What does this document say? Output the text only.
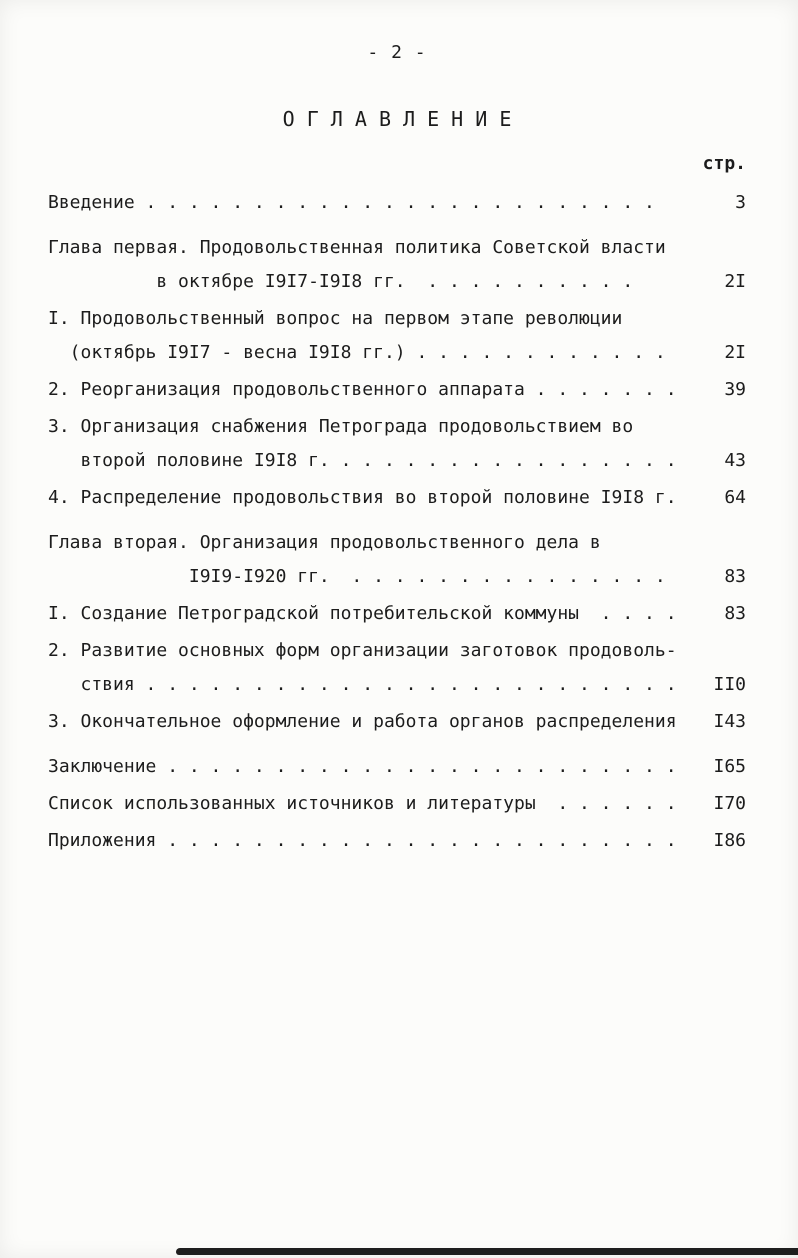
- 2 -
О Г Л А В Л Е Н И Е
стр.
Введение . . . . . . . . . . . . . . . . . . . . . . . .	3
Глава первая. Продовольственная политика Советской власти
в октябре I9I7-I9I8 гг.  . . . . . . . . . .	2I
I. Продовольственный вопрос на первом этапе революции
(октябрь I9I7 - весна I9I8 гг.) . . . . . . . . . . . .	2I
2. Реорганизация продовольственного аппарата . . . . . . .	39
3. Организация снабжения Петрограда продовольствием во
второй половине I9I8 г. . . . . . . . . . . . . . . . .	43
4. Распределение продовольствия во второй половине I9I8 г.	64
Глава вторая. Организация продовольственного дела в
I9I9-I920 гг.  . . . . . . . . . . . . . . .	83
I. Создание Петроградской потребительской коммуны  . . . .	83
2. Развитие основных форм организации заготовок продоволь-
ствия . . . . . . . . . . . . . . . . . . . . . . . . . II0
3. Окончательное оформление и работа органов распределения I43
Заключение . . . . . . . . . . . . . . . . . . . . . . . . I65
Список использованных источников и литературы  . . . . . . I70
Приложения . . . . . . . . . . . . . . . . . . . . . . . . I86
